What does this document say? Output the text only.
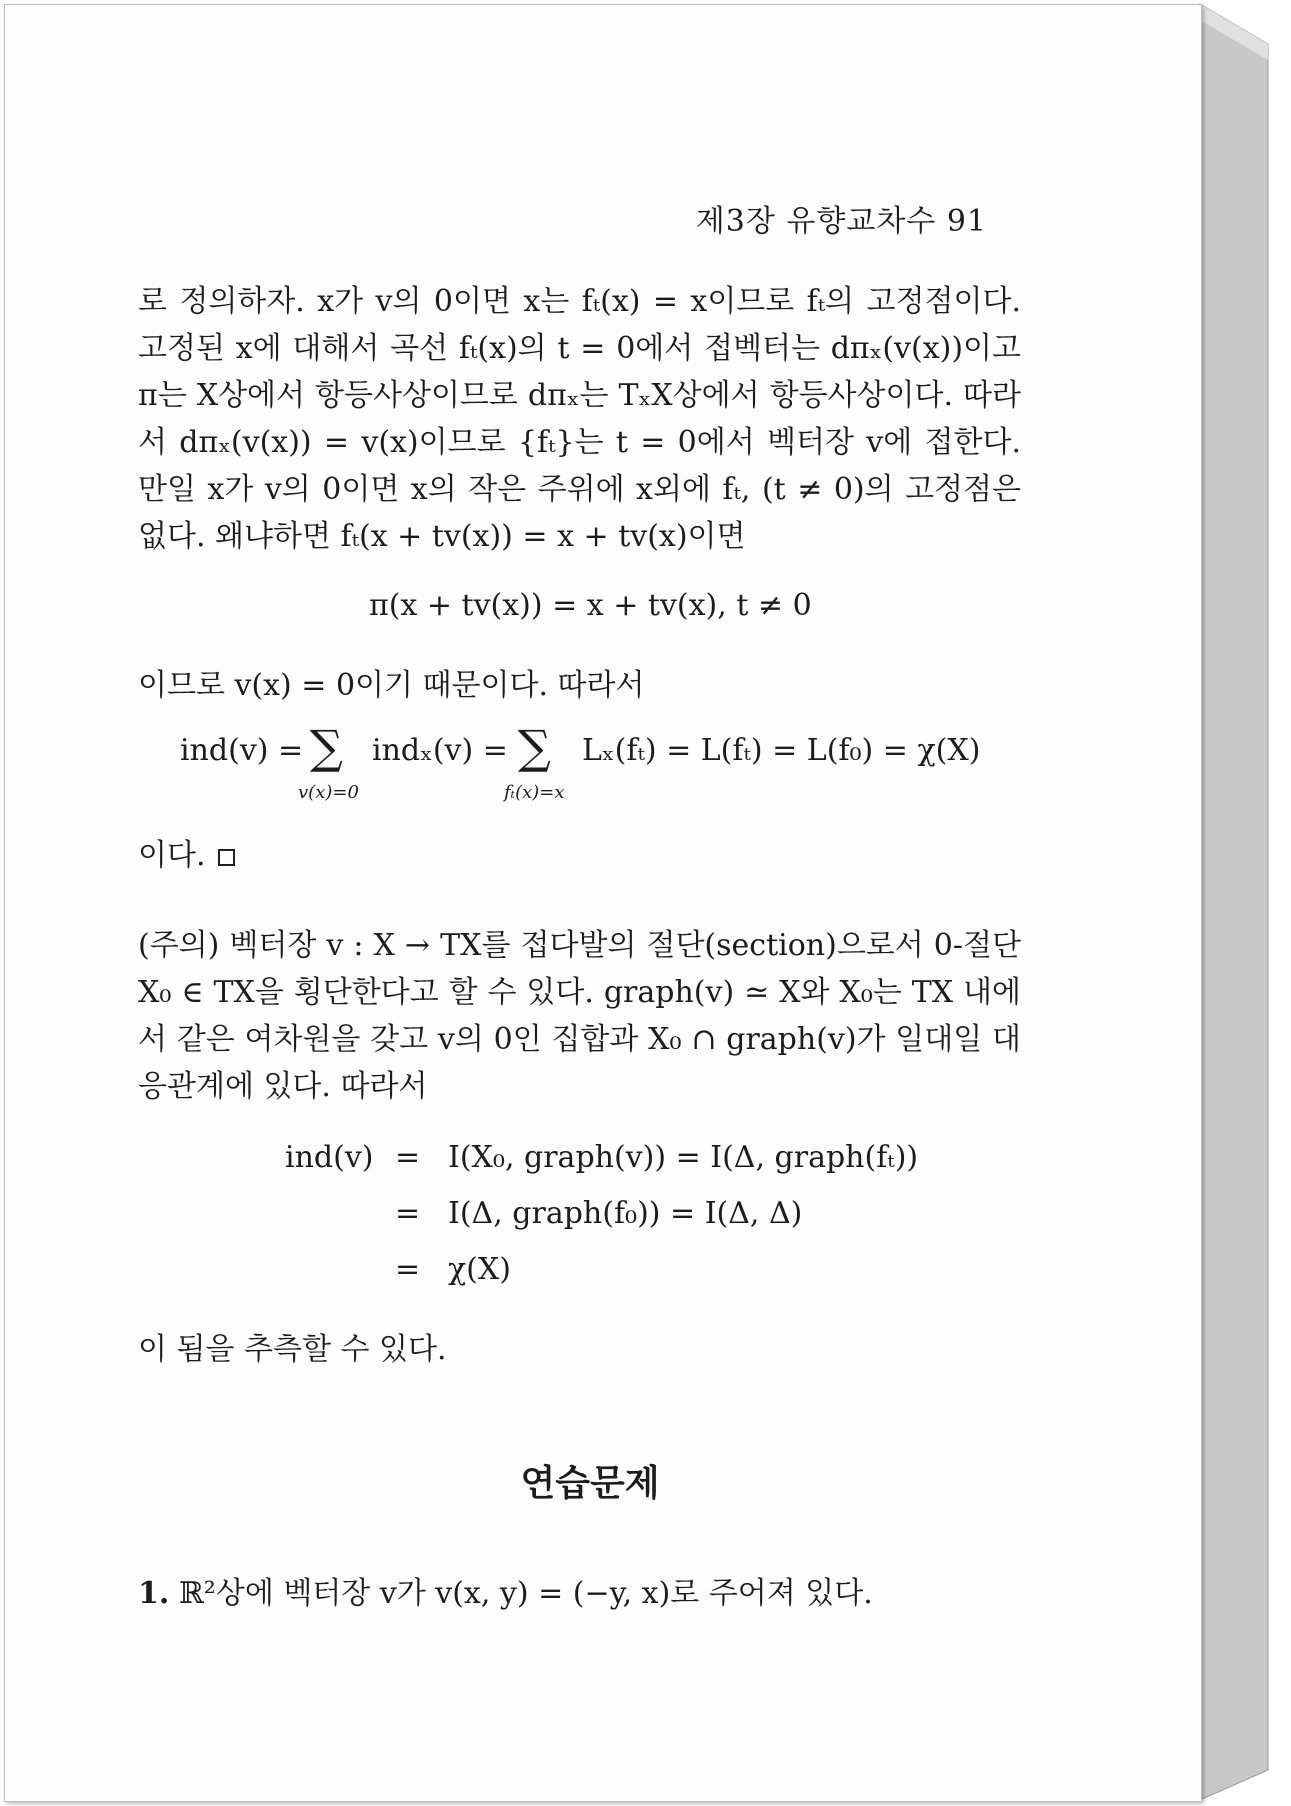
제3장 유향교차수 91
로 정의하자. x가 v의 0이면 x는 fₜ(x) = x이므로 fₜ의 고정점이다. 고정된 x에 대해서 곡선 fₜ(x)의 t = 0에서 접벡터는 dπₓ(v(x))이고 π는 X상에서 항등사상이므로 dπₓ는 TₓX상에서 항등사상이다. 따라서 dπₓ(v(x)) = v(x)이므로 {fₜ}는 t = 0에서 벡터장 v에 접한다. 만일 x가 v의 0이면 x의 작은 주위에 x외에 fₜ, (t ≠ 0)의 고정점은 없다. 왜냐하면 fₜ(x + tv(x)) = x + tv(x)이면
π(x + tv(x)) = x + tv(x), t ≠ 0
이므로 v(x) = 0이기 때문이다. 따라서
ind(v) = ∑
v(x)=0
indₓ(v) = ∑
fₜ(x)=x
Lₓ(fₜ) = L(fₜ) = L(f₀) = χ(X)
이다.
(주의) 벡터장 v : X → TX를 접다발의 절단(section)으로서 0-절단 X₀ ∈ TX을 횡단한다고 할 수 있다. graph(v) ≃ X와 X₀는 TX 내에서 같은 여차원을 갖고 v의 0인 집합과 X₀ ∩ graph(v)가 일대일 대응관계에 있다. 따라서
ind(v) = I(X₀, graph(v)) = I(Δ, graph(fₜ))
= I(Δ, graph(f₀)) = I(Δ, Δ)
= χ(X)
이 됨을 추측할 수 있다.
연습문제
1. ℝ²상에 벡터장 v가 v(x, y) = (−y, x)로 주어져 있다.
